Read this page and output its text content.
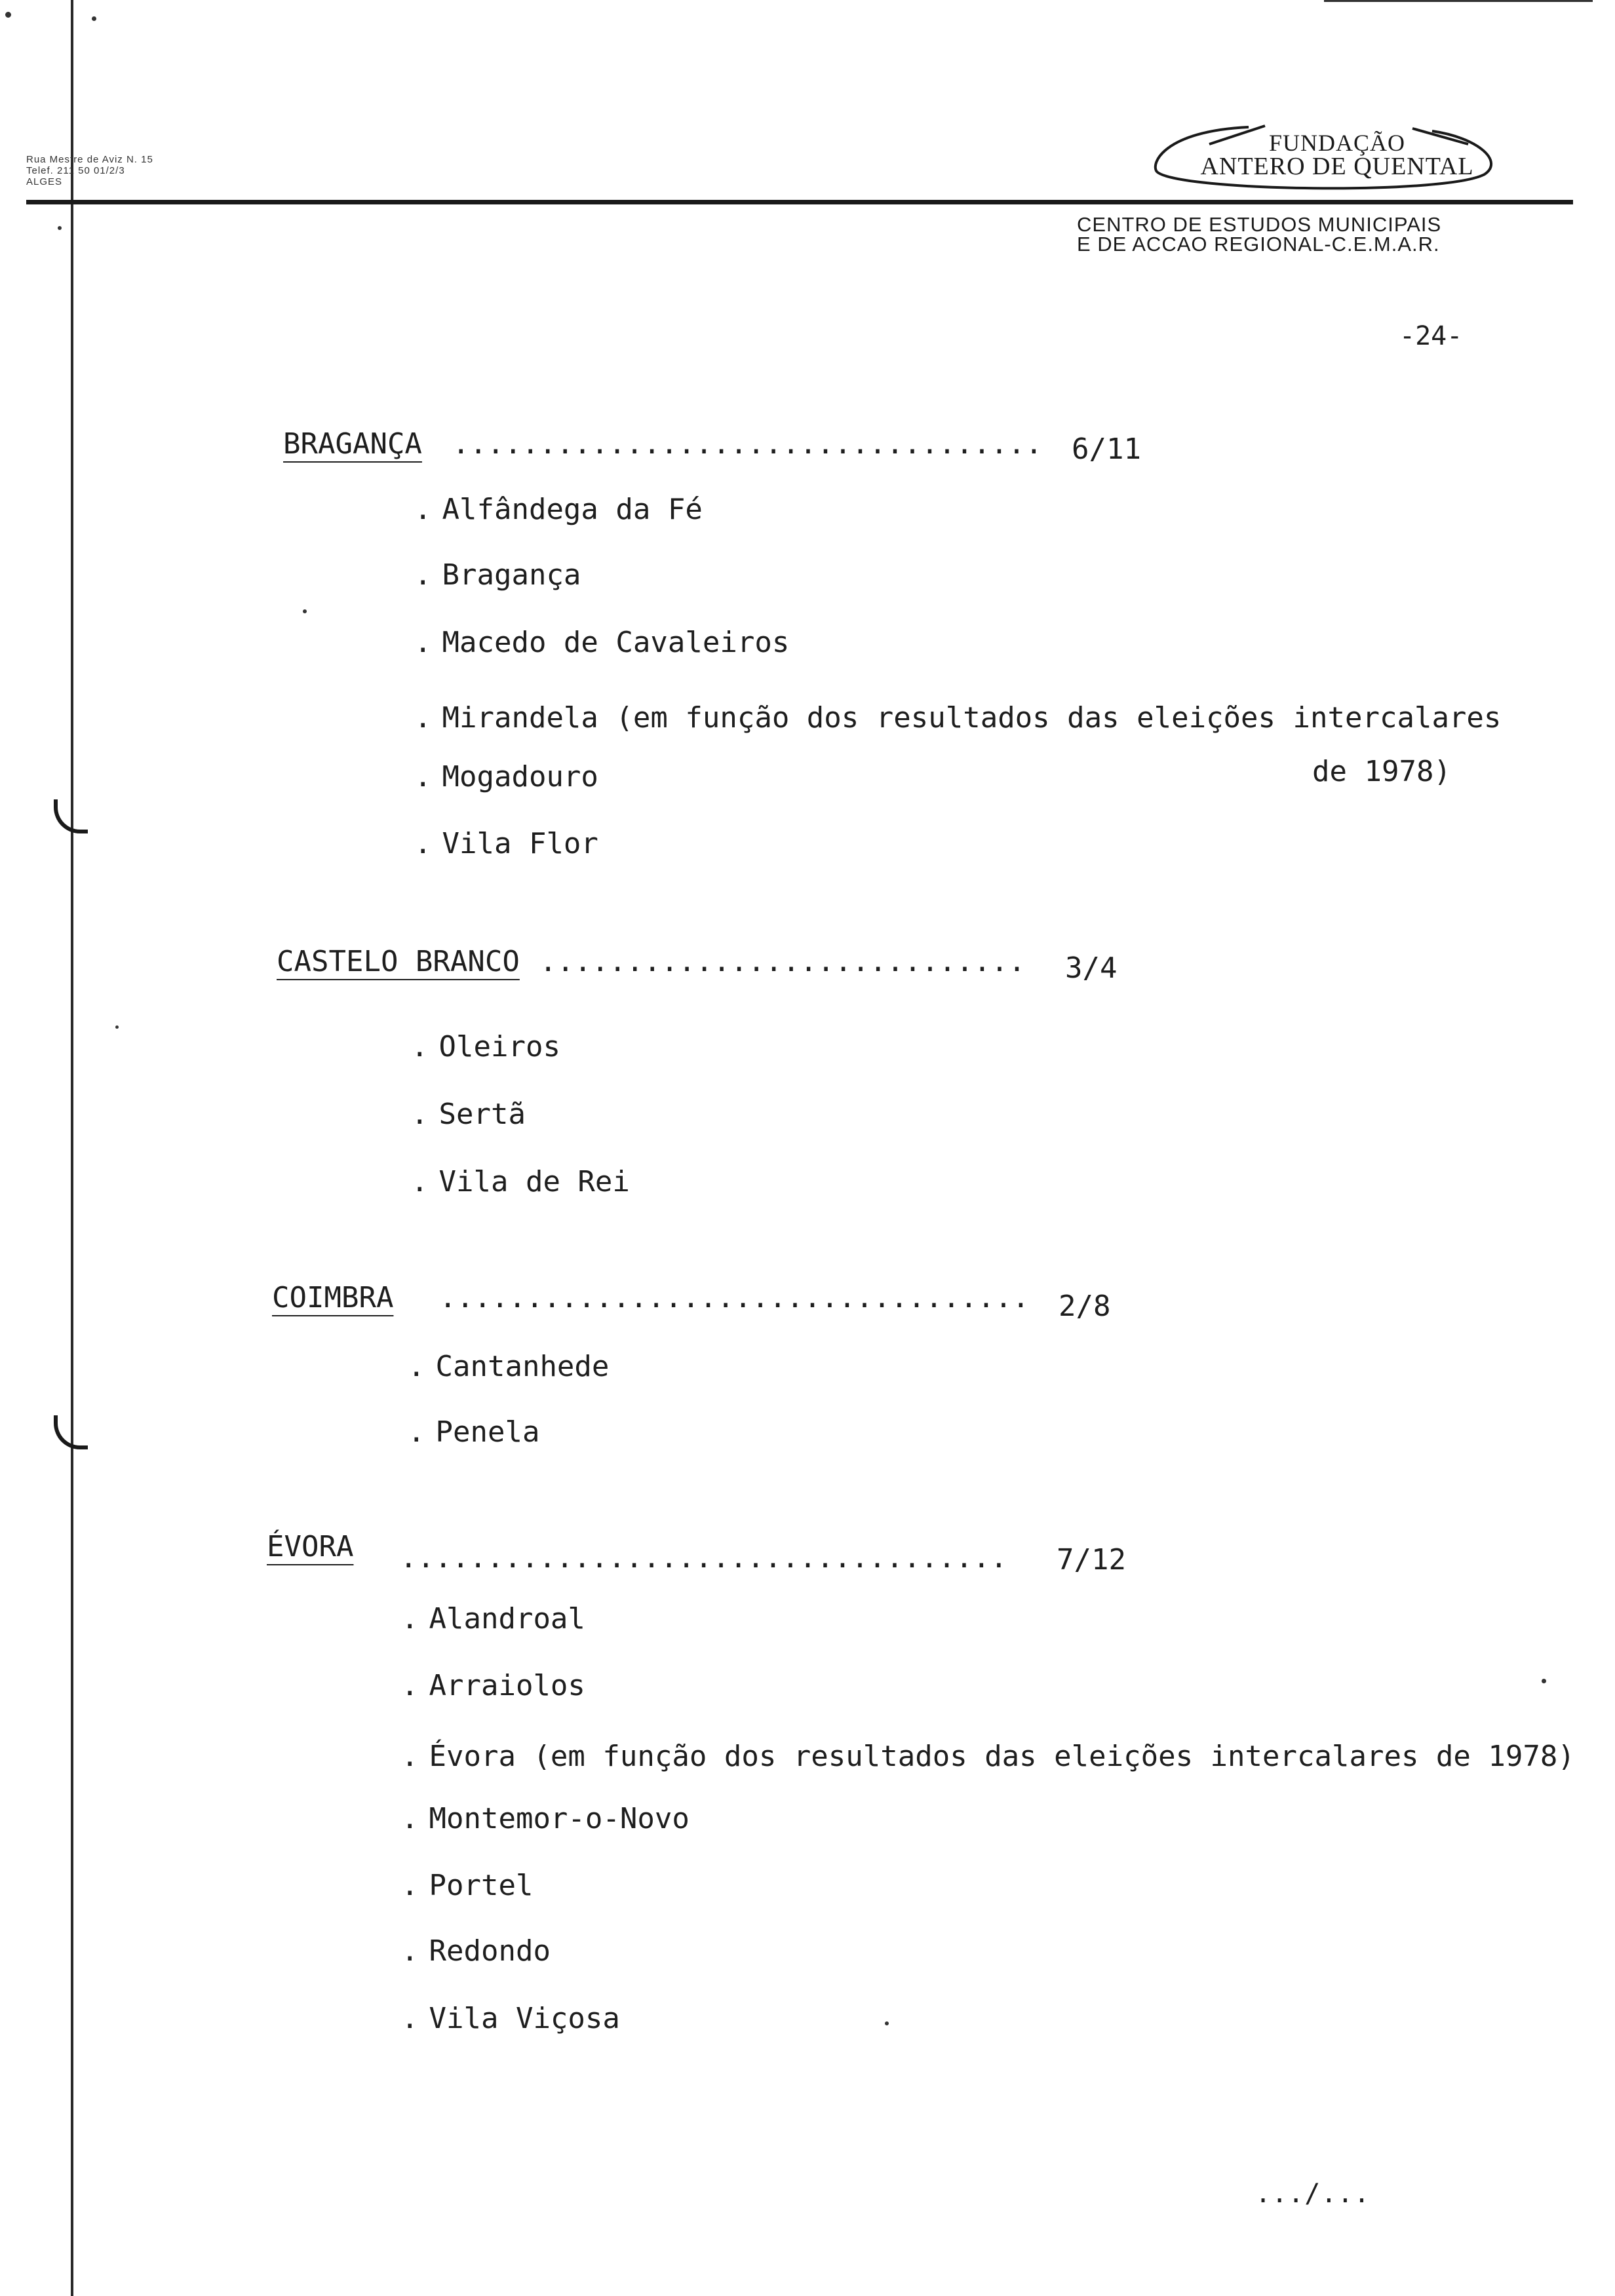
Rua Mestre de Aviz N. 15
Telef. 211 50 01/2/3
ALGES
FUNDAÇÃO
ANTERO DE QUENTAL
CENTRO DE ESTUDOS MUNICIPAIS
E DE ACCAO REGIONAL-C.E.M.A.R.
-24-
BRAGANÇA .................................. 6/11
. Alfândega da Fé
. Bragança
. Macedo de Cavaleiros
. Mirandela (em função dos resultados das eleições intercalares
de 1978)
. Mogadouro
. Vila Flor
CASTELO BRANCO ............................ 3/4
. Oleiros
. Sertã
. Vila de Rei
COIMBRA .................................. 2/8
. Cantanhede
. Penela
ÉVORA ................................... 7/12
. Alandroal
. Arraiolos
. Évora (em função dos resultados das eleições intercalares de 1978)
. Montemor-o-Novo
. Portel
. Redondo
. Vila Viçosa
.../...
